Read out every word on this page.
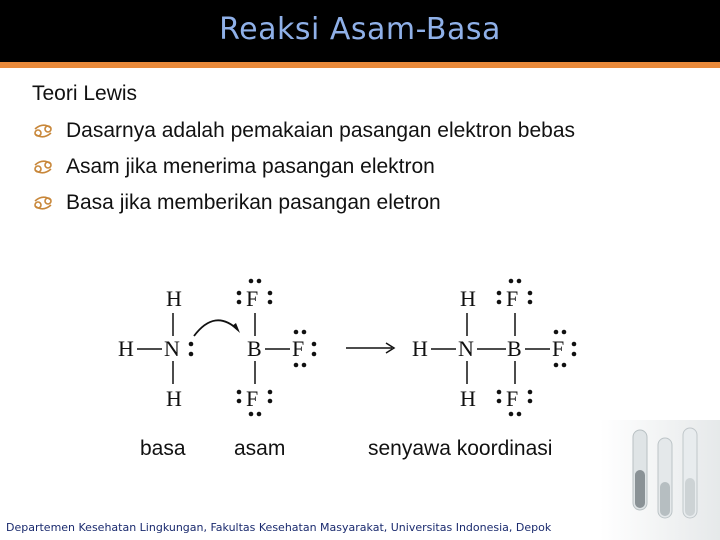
Reaksi Asam-Basa
Teori Lewis
Dasarnya adalah pemakaian pasangan elektron bebas
Asam jika menerima pasangan elektron
Basa jika memberikan pasangan eletron
H
H N
H
F
B F
F
H
H N
H
F
B F
F
basa asam	senyawa koordinasi
Departemen Kesehatan Lingkungan, Fakultas Kesehatan Masyarakat, Universitas Indonesia, Depok
